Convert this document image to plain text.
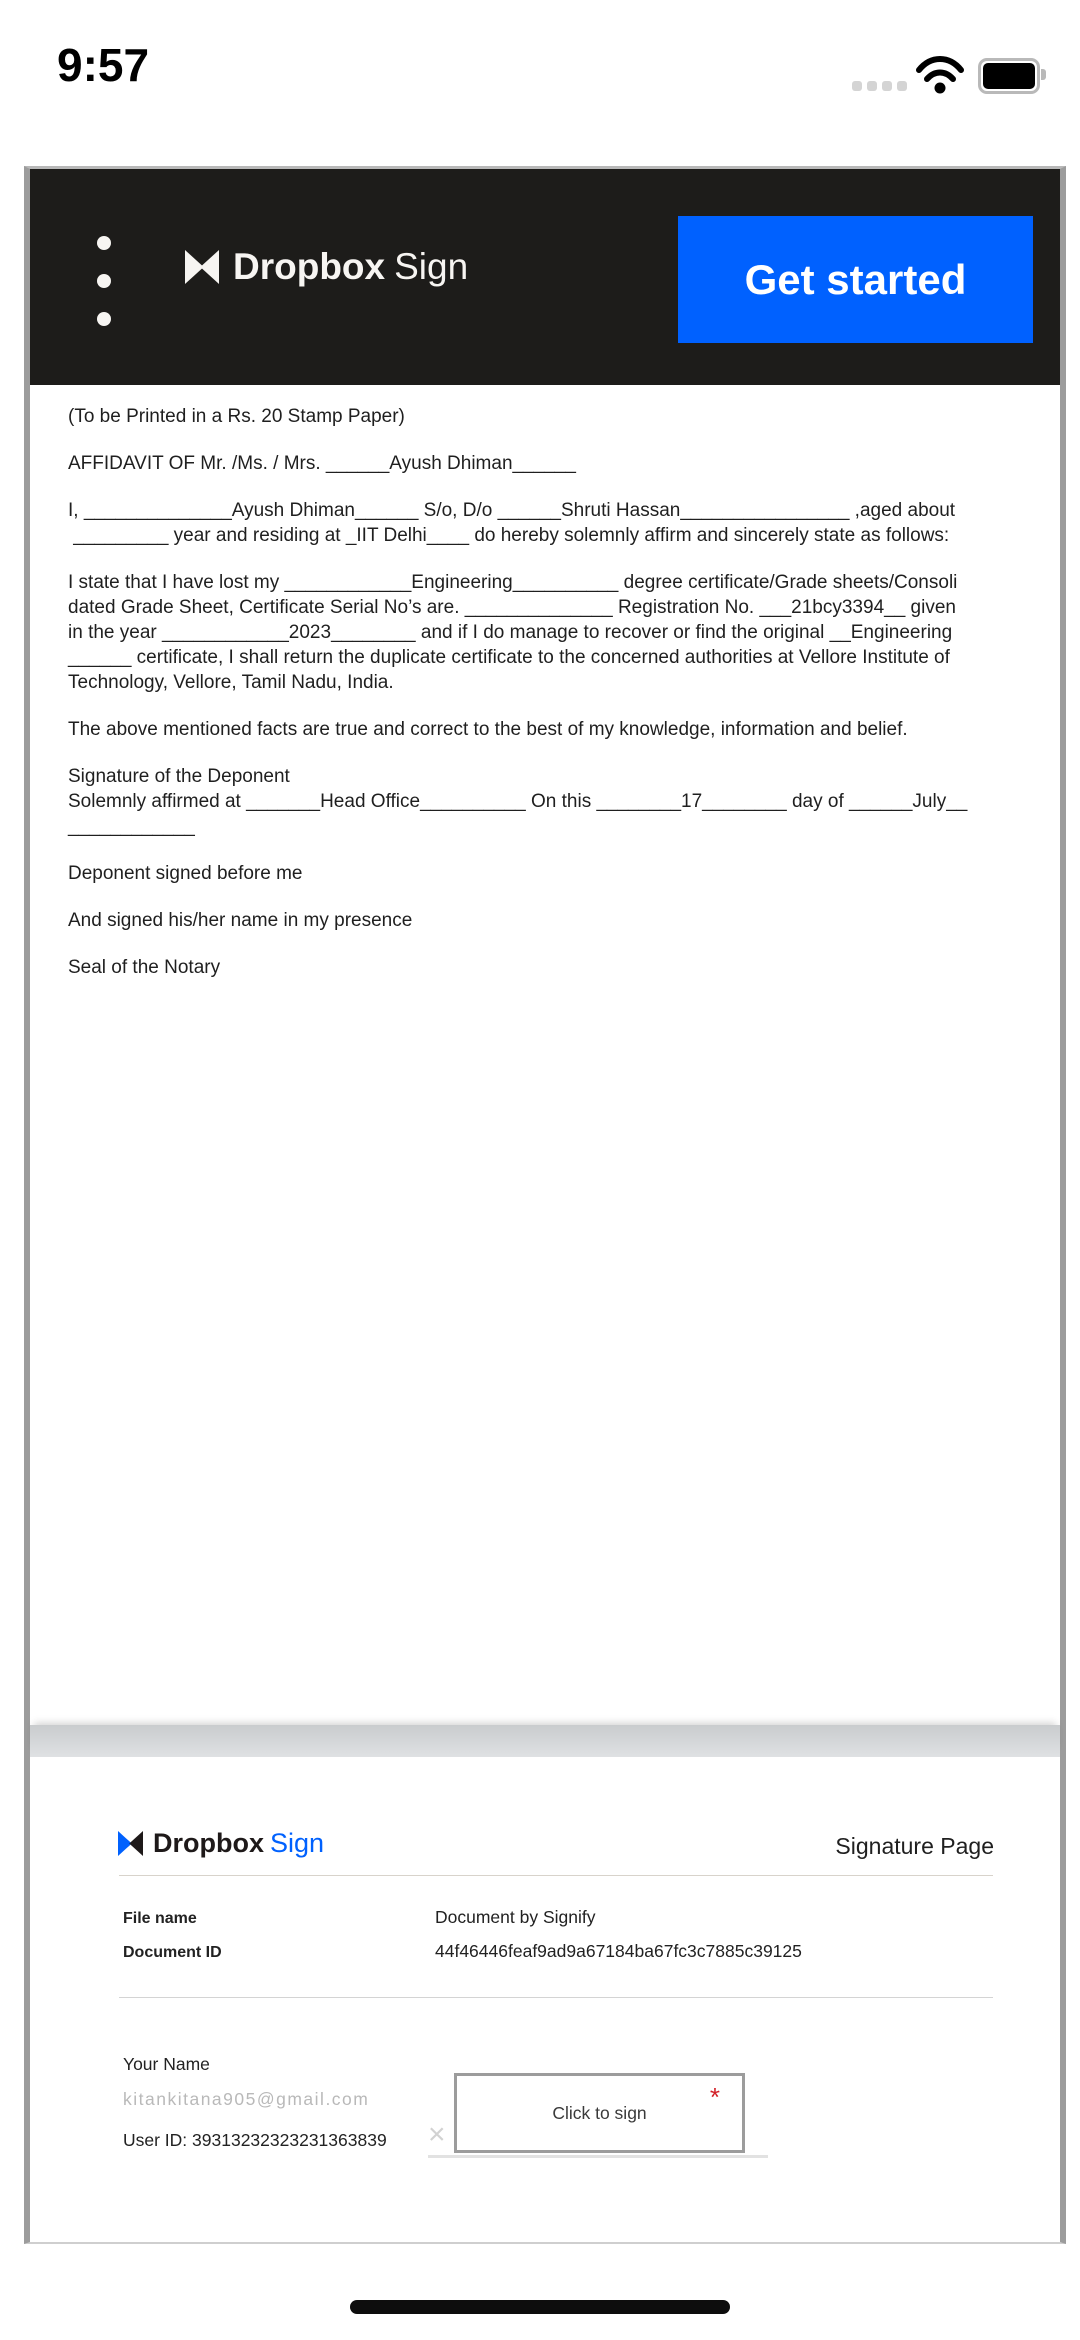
9:57
Dropbox Sign	Get started
(To be Printed in a Rs. 20 Stamp Paper)
AFFIDAVIT OF Mr. /Ms. / Mrs. ______Ayush Dhiman______
I, ______________Ayush Dhiman______ S/o, D/o ______Shruti Hassan________________ ,aged about
_________ year and residing at _IIT Delhi____ do hereby solemnly affirm and sincerely state as follows:
I state that I have lost my ____________Engineering__________ degree certificate/Grade sheets/Consoli
dated Grade Sheet, Certificate Serial No’s are. ______________ Registration No. ___21bcy3394__ given
in the year ____________2023________ and if I do manage to recover or find the original __Engineering
______ certificate, I shall return the duplicate certificate to the concerned authorities at Vellore Institute of
Technology, Vellore, Tamil Nadu, India.
The above mentioned facts are true and correct to the best of my knowledge, information and belief.
Signature of the Deponent
Solemnly affirmed at _______Head Office__________ On this ________17________ day of ______July__
____________
Deponent signed before me
And signed his/her name in my presence
Seal of the Notary
Dropbox Sign	Signature Page
File name	Document by Signify
Document ID	44f46446feaf9ad9a67184ba67fc3c7885c39125
Your Name
kitankitana905@gmail.com
User ID: 39313232323231363839 ×
*
Click to sign
